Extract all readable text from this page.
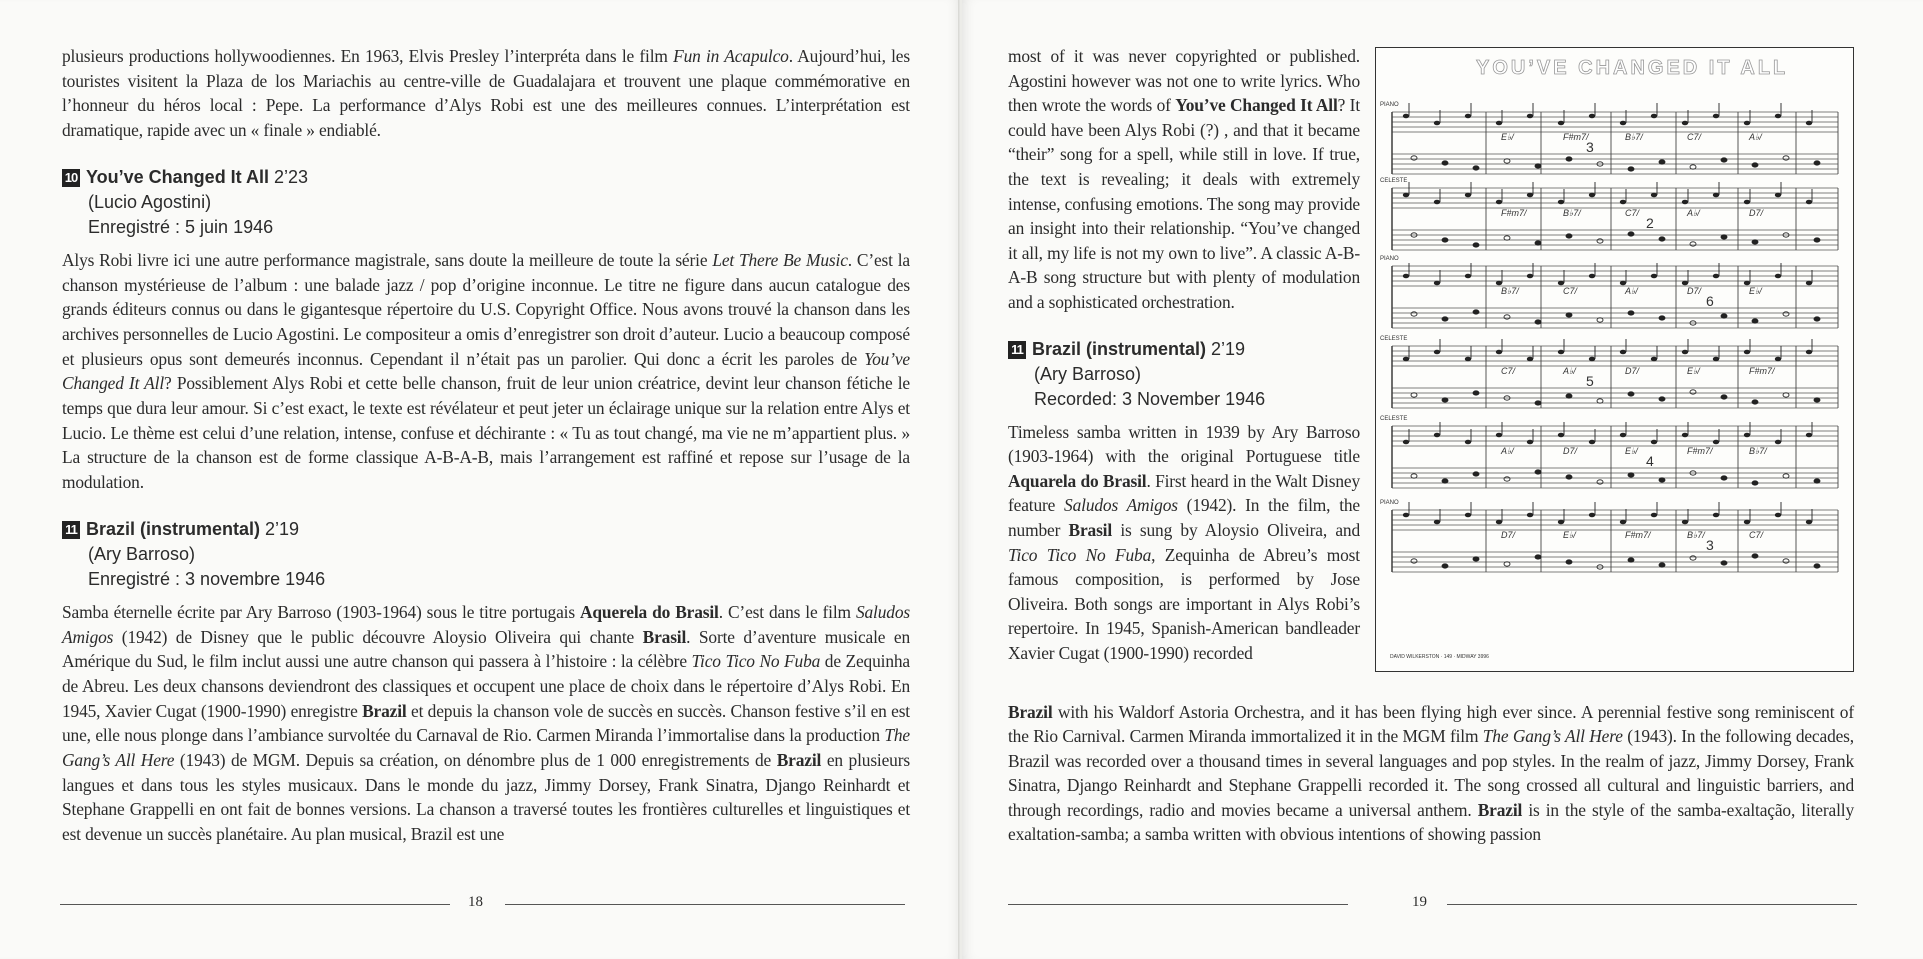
plusieurs productions hollywoodiennes. En 1963, Elvis Presley l’interpréta dans le film Fun in Acapulco. Aujourd’hui, les touristes visitent la Plaza de los Mariachis au centre-ville de Guadalajara et trouvent une plaque commémorative en l’honneur du héros local : Pepe. La performance d’Alys Robi est une des meilleures connues. L’interprétation est dramatique, rapide avec un « finale » endiablé.

10 You’ve Changed It All 2’23
(Lucio Agostini)
Enregistré : 5 juin 1946

Alys Robi livre ici une autre performance magistrale, sans doute la meilleure de toute la série Let There Be Music. C’est la chanson mystérieuse de l’album : une balade jazz / pop d’origine inconnue. Le titre ne figure dans aucun catalogue des grands éditeurs connus ou dans le gigantesque répertoire du U.S. Copyright Office. Nous avons trouvé la chanson dans les archives personnelles de Lucio Agostini. Le compositeur a omis d’enregistrer son droit d’auteur. Lucio a beaucoup composé et plusieurs opus sont demeurés inconnus. Cependant il n’était pas un parolier. Qui donc a écrit les paroles de You’ve Changed It All? Possiblement Alys Robi et cette belle chanson, fruit de leur union créatrice, devint leur chanson fétiche le temps que dura leur amour. Si c’est exact, le texte est révélateur et peut jeter un éclairage unique sur la relation entre Alys et Lucio. Le thème est celui d’une relation, intense, confuse et déchirante : « Tu as tout changé, ma vie ne m’appartient plus. » La structure de la chanson est de forme classique A-B-A-B, mais l’arrangement est raffiné et repose sur l’usage de la modulation.

11 Brazil (instrumental) 2’19
(Ary Barroso)
Enregistré : 3 novembre 1946

Samba éternelle écrite par Ary Barroso (1903-1964) sous le titre portugais Aquerela do Brasil. C’est dans le film Saludos Amigos (1942) de Disney que le public découvre Aloysio Oliveira qui chante Brasil. Sorte d’aventure musicale en Amérique du Sud, le film inclut aussi une autre chanson qui passera à l’histoire : la célèbre Tico Tico No Fuba de Zequinha de Abreu. Les deux chansons deviendront des classiques et occupent une place de choix dans le répertoire d’Alys Robi. En 1945, Xavier Cugat (1900-1990) enregistre Brazil et depuis la chanson vole de succès en succès. Chanson festive s’il en est une, elle nous plonge dans l’ambiance survoltée du Carnaval de Rio. Carmen Miranda l’immortalise dans la production The Gang’s All Here (1943) de MGM. Depuis sa création, on dénombre plus de 1 000 enregistrements de Brazil en plusieurs langues et dans tous les styles musicaux. Dans le monde du jazz, Jimmy Dorsey, Frank Sinatra, Django Reinhardt et Stephane Grappelli en ont fait de bonnes versions. La chanson a traversé toutes les frontières culturelles et linguistiques et est devenue un succès planétaire. Au plan musical, Brazil est une

18

most of it was never copyrighted or published. Agostini however was not one to write lyrics. Who then wrote the words of You’ve Changed It All? It could have been Alys Robi (?) , and that it became “their” song for a spell, while still in love. If true, the text is revealing; it deals with extremely intense, confusing emotions. The song may provide an insight into their relationship. “You’ve changed it all, my life is not my own to live”. A classic A-B-A-B song structure but with plenty of modulation and a sophisticated orchestration.

11 Brazil (instrumental) 2’19
(Ary Barroso)
Recorded: 3 November 1946

Timeless samba written in 1939 by Ary Barroso (1903-1964) with the original Portuguese title Aquarela do Brasil. First heard in the Walt Disney feature Saludos Amigos (1942). In the film, the number Brasil is sung by Aloysio Oliveira, and Tico Tico No Fuba, Zequinha de Abreu’s most famous composition, is performed by Jose Oliveira. Both songs are important in Alys Robi’s repertoire. In 1945, Spanish-American bandleader Xavier Cugat (1900-1990) recorded

Brazil with his Waldorf Astoria Orchestra, and it has been flying high ever since. A perennial festive song reminiscent of the Rio Carnival. Carmen Miranda immortalized it in the MGM film The Gang’s All Here (1943). In the following decades, Brazil was recorded over a thousand times in several languages and pop styles. In the realm of jazz, Jimmy Dorsey, Frank Sinatra, Django Reinhardt and Stephane Grappelli recorded it. The song crossed all cultural and linguistic barriers, and through recordings, radio and movies became a universal anthem. Brazil is in the style of the samba-exaltação, literally exaltation-samba; a samba written with obvious intentions of showing passion

19
YOU’VE CHANGED IT ALL
E♭/	F#m7/	B♭7/	C7/	A♭/
PIANO
3
F#m7/	B♭7/	C7/	A♭/	D7/
CELESTE
2
B♭7/	C7/	A♭/	D7/	E♭/
PIANO
6
C7/	A♭/	D7/	E♭/	F#m7/
CELESTE
5
A♭/	D7/	E♭/	F#m7/	B♭7/
CELESTE
4
D7/	E♭/	F#m7/	B♭7/	C7/
PIANO
3
DAVID WILKERSTON · 149 · MIDWAY 3996
